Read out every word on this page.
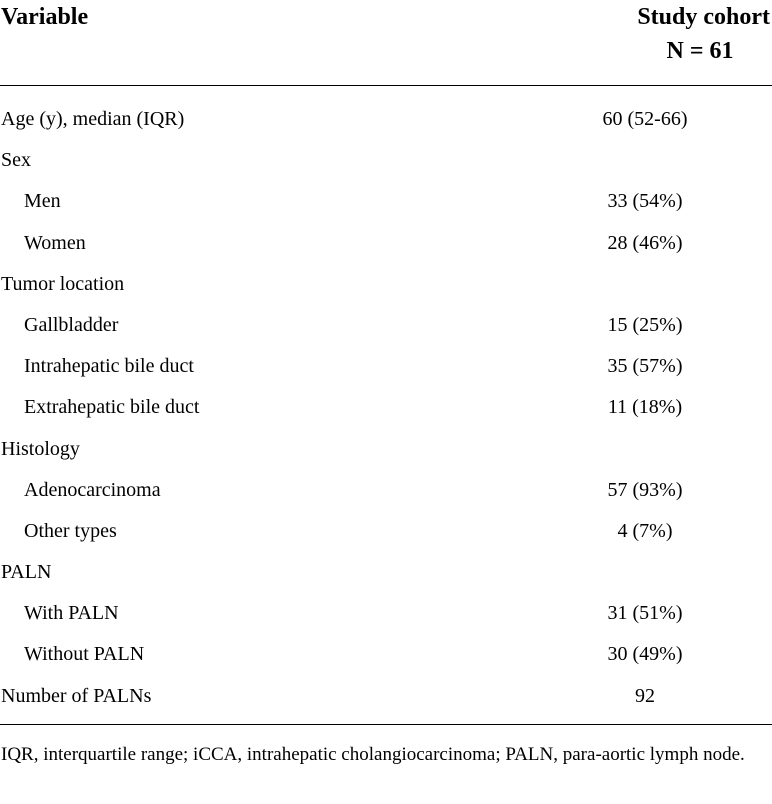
Variable	Study cohort
N = 61
Age (y), median (IQR)	60 (52-66)
Sex
Men	33 (54%)
Women	28 (46%)
Tumor location
Gallbladder	15 (25%)
Intrahepatic bile duct	35 (57%)
Extrahepatic bile duct	11 (18%)
Histology
Adenocarcinoma	57 (93%)
Other types	4 (7%)
PALN
With PALN	31 (51%)
Without PALN	30 (49%)
Number of PALNs	92
IQR, interquartile range; iCCA, intrahepatic cholangiocarcinoma; PALN, para-aortic lymph node.
